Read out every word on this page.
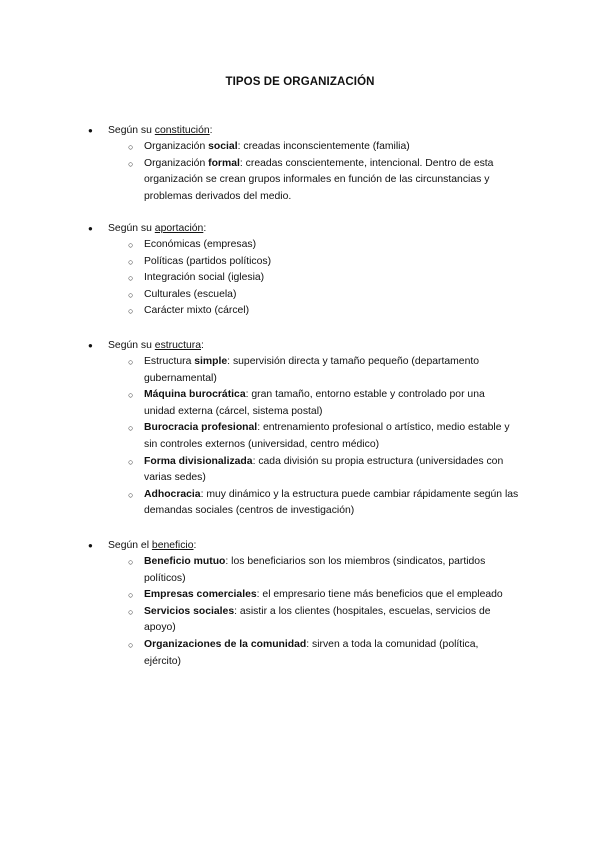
TIPOS DE ORGANIZACIÓN
● Según su constitución:
○ Organización social: creadas inconscientemente (familia)
○ Organización formal: creadas conscientemente, intencional. Dentro de esta organización se crean grupos informales en función de las circunstancias y problemas derivados del medio.
● Según su aportación:
○ Económicas (empresas)
○ Políticas (partidos políticos)
○ Integración social (iglesia)
○ Culturales (escuela)
○ Carácter mixto (cárcel)
● Según su estructura:
○ Estructura simple: supervisión directa y tamaño pequeño (departamento gubernamental)
○ Máquina burocrática: gran tamaño, entorno estable y controlado por una unidad externa (cárcel, sistema postal)
○ Burocracia profesional: entrenamiento profesional o artístico, medio estable y sin controles externos (universidad, centro médico)
○ Forma divisionalizada: cada división su propia estructura (universidades con varias sedes)
○ Adhocracia: muy dinámico y la estructura puede cambiar rápidamente según las demandas sociales (centros de investigación)
● Según el beneficio:
○ Beneficio mutuo: los beneficiarios son los miembros (sindicatos, partidos políticos)
○ Empresas comerciales: el empresario tiene más beneficios que el empleado
○ Servicios sociales: asistir a los clientes (hospitales, escuelas, servicios de apoyo)
○ Organizaciones de la comunidad: sirven a toda la comunidad (política, ejército)
